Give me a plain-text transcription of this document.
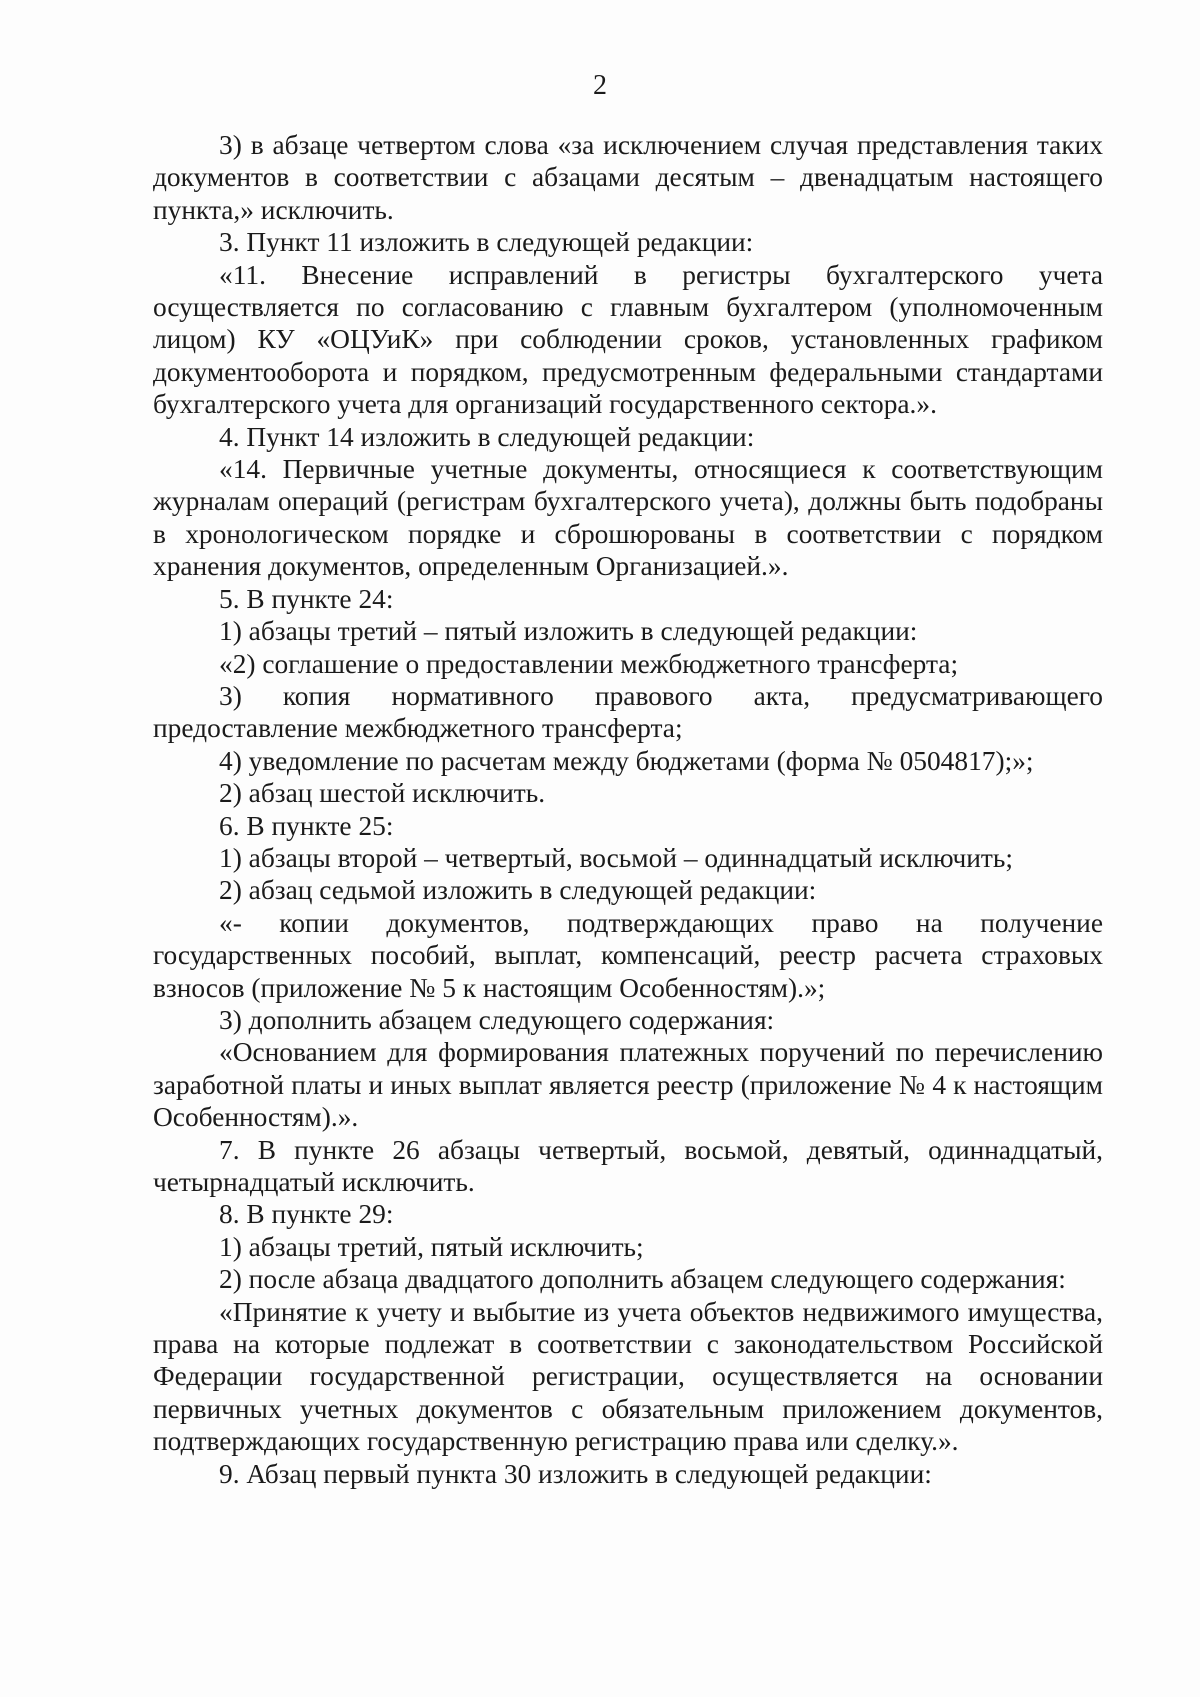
2

3) в абзаце четвертом слова «за исключением случая представления таких документов в соответствии с абзацами десятым – двенадцатым настоящего пункта,» исключить.

3. Пункт 11 изложить в следующей редакции:

«11. Внесение исправлений в регистры бухгалтерского учета осуществляется по согласованию с главным бухгалтером (уполномоченным лицом) КУ «ОЦУиК» при соблюдении сроков, установленных графиком документооборота и порядком, предусмотренным федеральными стандартами бухгалтерского учета для организаций государственного сектора.».

4. Пункт 14 изложить в следующей редакции:

«14. Первичные учетные документы, относящиеся к соответствующим журналам операций (регистрам бухгалтерского учета), должны быть подобраны в хронологическом порядке и сброшюрованы в соответствии с порядком хранения документов, определенным Организацией.».

5. В пункте 24:

1) абзацы третий – пятый изложить в следующей редакции:

«2) соглашение о предоставлении межбюджетного трансферта;

3) копия нормативного правового акта, предусматривающего предоставление межбюджетного трансферта;

4) уведомление по расчетам между бюджетами (форма № 0504817);»;

2) абзац шестой исключить.

6. В пункте 25:

1) абзацы второй – четвертый, восьмой – одиннадцатый исключить;

2) абзац седьмой изложить в следующей редакции:

«- копии документов, подтверждающих право на получение государственных пособий, выплат, компенсаций, реестр расчета страховых взносов (приложение № 5 к настоящим Особенностям).»;

3) дополнить абзацем следующего содержания:

«Основанием для формирования платежных поручений по перечислению заработной платы и иных выплат является реестр (приложение № 4 к настоящим Особенностям).».

7. В пункте 26 абзацы четвертый, восьмой, девятый, одиннадцатый, четырнадцатый исключить.

8. В пункте 29:

1) абзацы третий, пятый исключить;

2) после абзаца двадцатого дополнить абзацем следующего содержания:

«Принятие к учету и выбытие из учета объектов недвижимого имущества, права на которые подлежат в соответствии с законодательством Российской Федерации государственной регистрации, осуществляется на основании первичных учетных документов с обязательным приложением документов, подтверждающих государственную регистрацию права или сделку.».

9. Абзац первый пункта 30 изложить в следующей редакции:
